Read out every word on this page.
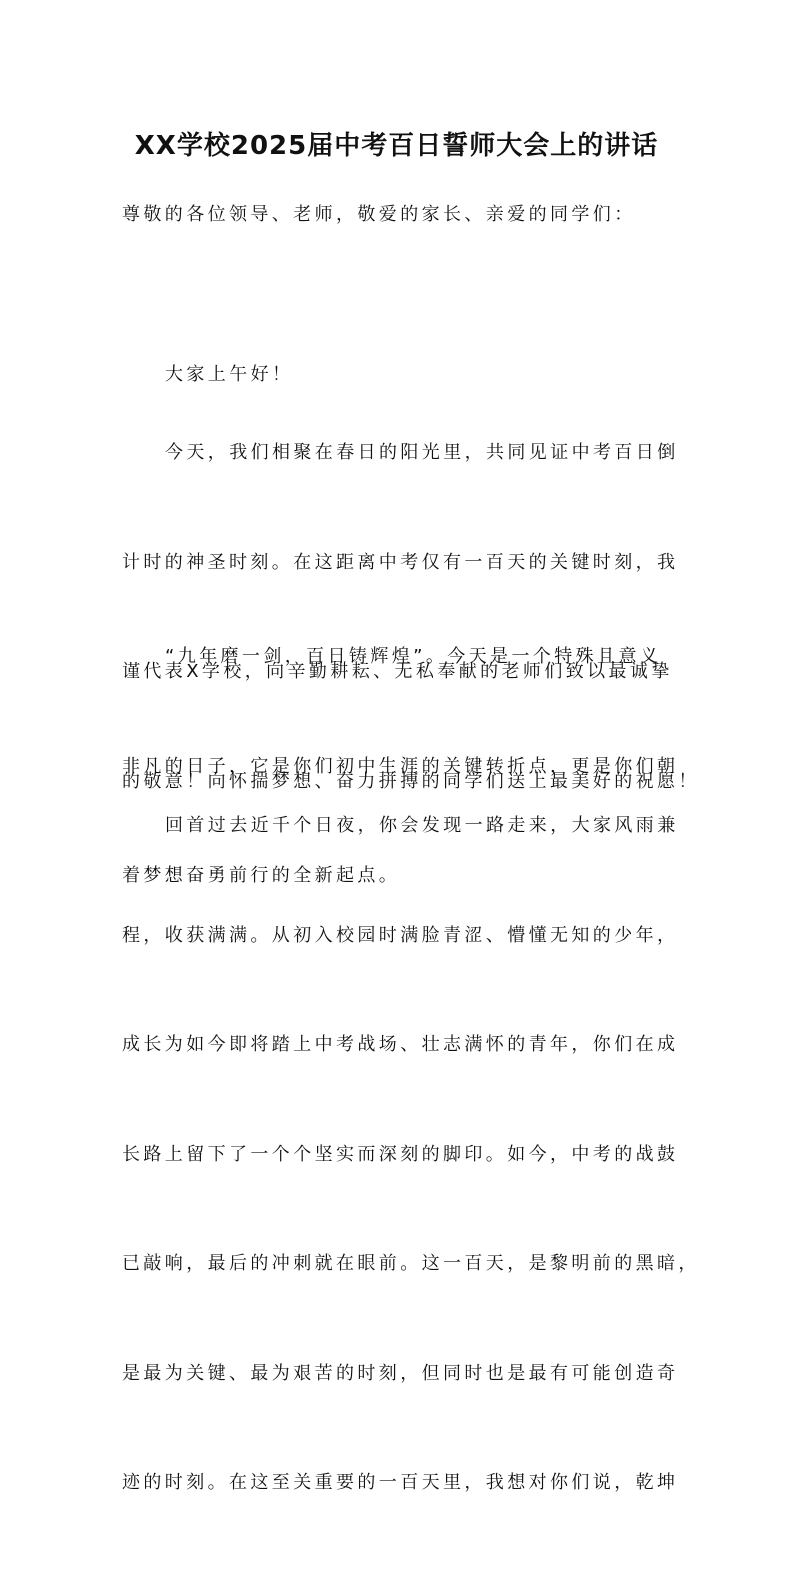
XX学校2025届中考百日誓师大会上的讲话
尊敬的各位领导、老师，敬爱的家长、亲爱的同学们：

大家上午好！

今天，我们相聚在春日的阳光里，共同见证中考百日倒

计时的神圣时刻。在这距离中考仅有一百天的关键时刻，我

谨代表X学校，向辛勤耕耘、无私奉献的老师们致以最诚挚

的敬意！向怀揣梦想、奋力拼搏的同学们送上最美好的祝愿！

“九年磨一剑，百日铸辉煌”。今天是一个特殊且意义

非凡的日子，它是你们初中生涯的关键转折点，更是你们朝

着梦想奋勇前行的全新起点。

回首过去近千个日夜，你会发现一路走来，大家风雨兼

程，收获满满。从初入校园时满脸青涩、懵懂无知的少年，

成长为如今即将踏上中考战场、壮志满怀的青年，你们在成

长路上留下了一个个坚实而深刻的脚印。如今，中考的战鼓

已敲响，最后的冲刺就在眼前。这一百天，是黎明前的黑暗，

是最为关键、最为艰苦的时刻，但同时也是最有可能创造奇

迹的时刻。在这至关重要的一百天里，我想对你们说，乾坤
